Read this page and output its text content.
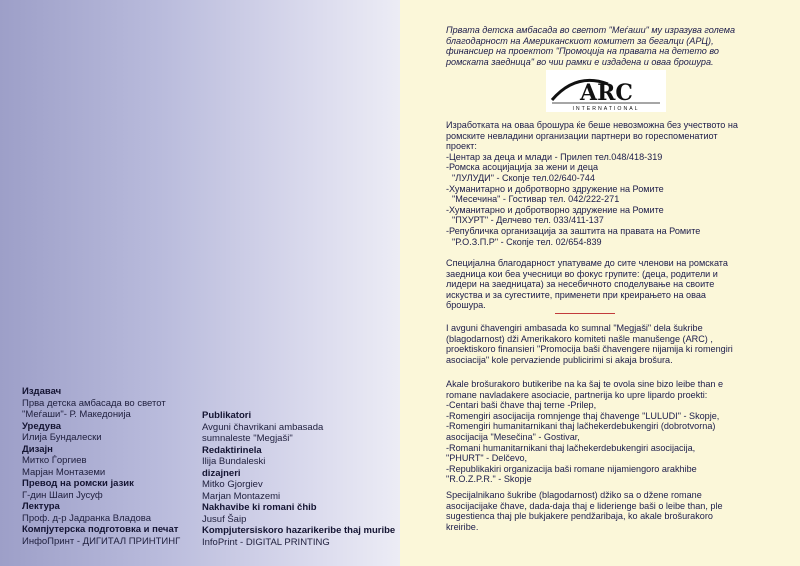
Издавач
Прва детска амбасада во светот
"Меѓаши"- Р. Македонија
Уредува
Илија Бундалески
Дизајн
Митко Ѓоргиев
Марјан Монтаземи
Превод на ромски јазик
Г-дин Шаип Јусуф
Лектура
Проф. д-р Јадранка Владова
Компјутерска подготовка и печат
ИнфоПринт - ДИГИТАЛ ПРИНТИНГ
Publikatori
Avguni čhavrikani ambasada
sumnaleste "Megjaši"
Redaktirinela
Ilija Bundaleski
dizajneri
Mitko Gjorgiev
Marjan Montazemi
Nakhavibe ki romani čhib
Jusuf Šaip
Kompjutersiskoro hazarikeribe thaj muribe
InfoPrint - DIGITAL PRINTING

Првата детска амбасада во светот "Меѓаши" му изразува голема

благодарност на Американскиот комитет за бегалци (АРЦ),

финансиер на проектот "Промоција на правата на детето во

ромската заедница" во чии рамки е издадена и оваа брошура.

ARC
INTERNATIONAL

Изработката на оваа брошура ќе беше невозможна без учеството на

ромските невладини организации партнери во гореспоменатиот

проект:

-Центар за деца и млади - Прилеп тел.048/418-319

-Ромска асоцијација за жени и деца

"ЛУЛУДИ" - Скопје тел.02/640-744

-Хуманитарно и добротворно здружение на Ромите

"Месечина" - Гостивар тел. 042/222-271

-Хуманитарно и добротворно здружение на Ромите

"ПХУРТ" - Делчево тел. 033/411-137

-Републичка организација за заштита на правата на Ромите

"Р.О.З.П.Р" - Скопје тел. 02/654-839

Специјална благодарност упатуваме до сите членови на ромската

заедница кои беа учесници во фокус групите: (деца, родители и

лидери на заедницата) за несебичното споделување на своите

искуства и за сугестиите, применети при креирањето на оваа

брошура.

I avguni čhavengiri ambasada ko sumnal "Megjaši" dela šukribe

(blagodarnost) dži Amerikakoro komiteti našle manušenge (ARC) ,

proektiskoro finansieri "Promocija baši čhavengere nijamija ki romengiri

asociacija" kole pervaziende publicirimi si akaja brošura.

Akale brošurakoro butikeribe na ka šaj te ovola sine bizo leibe than e

romane navladakere asociacie, partnerija ko upre lipardo proekti:

-Centari baši čhave thaj terne -Prilep,

-Romengiri asocijacija romnjenge thaj čhavenge "LULUDI" - Skopje,

-Romengiri humanitarnikani thaj lačhekerdebukengiri (dobrotvorna)

asocijacija "Mesečina" - Gostivar,

-Romani humanitarnikani thaj lačhekerdebukengiri asocijacija,

"PHURT" - Delčevo,

-Republikakiri organizacija baši romane nijamiengoro arakhibe

"R.O.Z.P.R." - Skopje

Specijalnikano šukribe (blagodarnost) džiko sa o džene romane

asocijacijake čhave, dada-daja thaj e liderienge baši o leibe than, ple

sugestienca thaj ple bukjakere pendžaribaja, ko akale brošurakoro

kreiribe.
